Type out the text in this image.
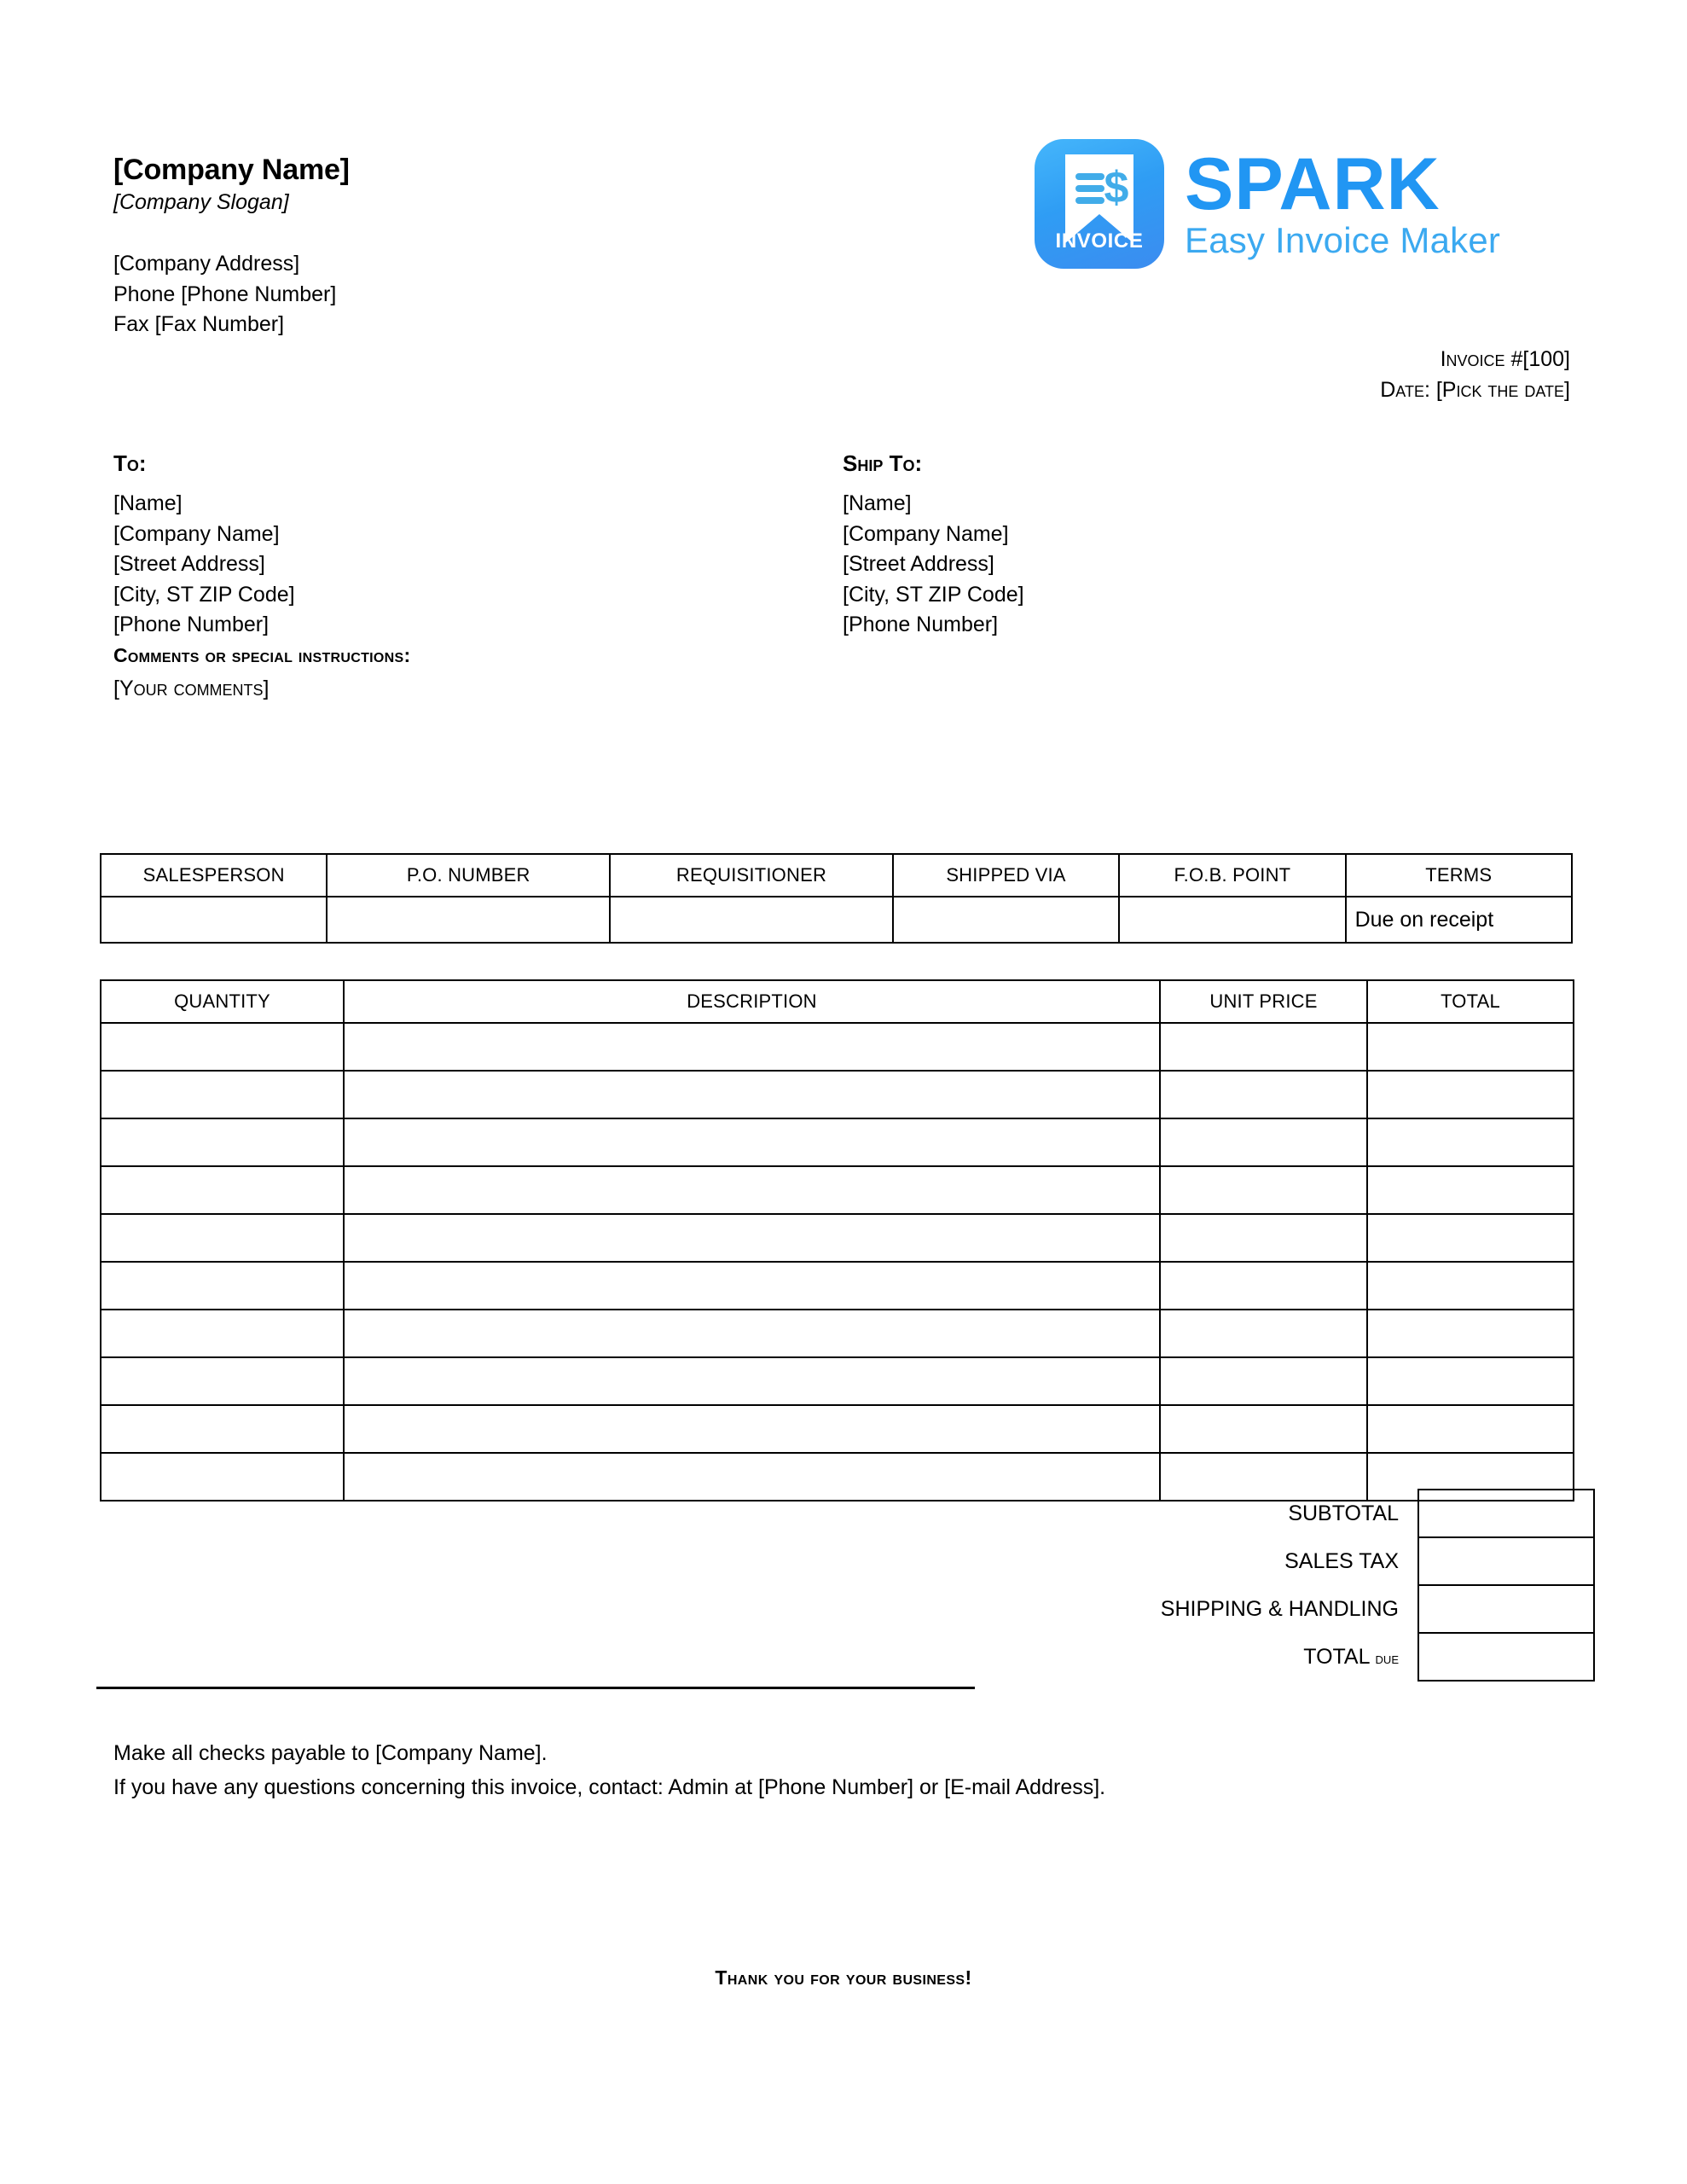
[Company Name]
[Company Slogan]
[Company Address]
Phone [Phone Number]
Fax [Fax Number]
$
INVOICE
SPARK
Easy Invoice Maker
Invoice #[100]
Date: [Pick the date]
To:
[Name]
[Company Name]
[Street Address]
[City, ST ZIP Code]
[Phone Number]
Ship To:
[Name]
[Company Name]
[Street Address]
[City, ST ZIP Code]
[Phone Number]
Comments or special instructions:
[Your comments]
SALESPERSON	P.O. NUMBER	REQUISITIONER	SHIPPED VIA	F.O.B. POINT	TERMS
					Due on receipt
QUANTITY	DESCRIPTION	UNIT PRICE	TOTAL

SUBTOTAL	
SALES TAX	
SHIPPING & HANDLING	
TOTAL due	
Make all checks payable to [Company Name].
If you have any questions concerning this invoice, contact: Admin at [Phone Number] or [E-mail Address].
Thank you for your business!
